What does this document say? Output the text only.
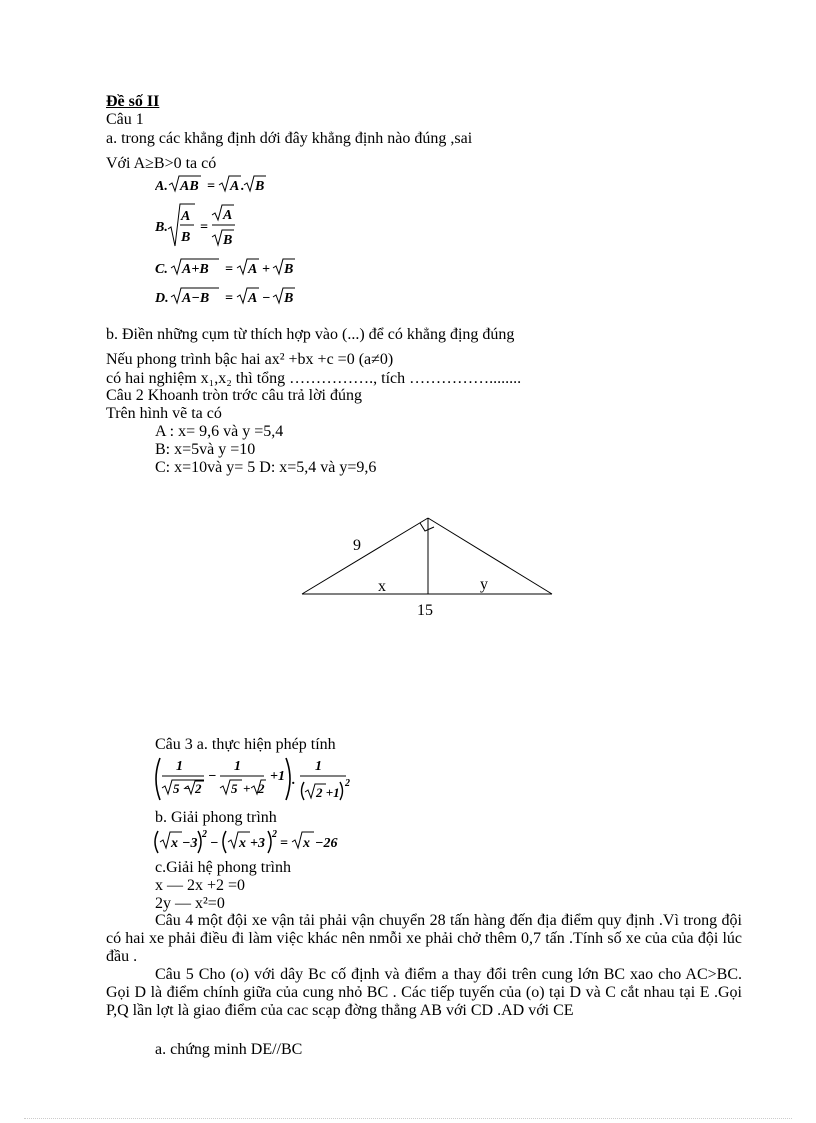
Đề số II
Câu 1
a. trong các khẳng định dới đây khẳng định nào đúng ,sai
Với A≥B>0 ta có
A. AB = A . B
B.
A
B
=
A
B
C. A+B = A + B
D. A−B = A − B
b. Điền những cụm từ thích hợp vào (...) để có khẳng địng đúng
Nếu phong trình bậc hai ax² +bx +c =0 (a≠0)
có hai nghiệm x₁,x₂ thì tổng ……………., tích ……………........
Câu 2 Khoanh tròn trớc câu trả lời đúng
Trên hình vẽ ta có
A : x= 9,6 và y =5,4
B: x=5và y =10
C: x=10và y= 5 D: x=5,4 và y=9,6
9
x	y
15
Câu 3 a. thực hiện phép tính
1
5 − 2
−
1
5 + 2
+1 .
1
2 +1
2
b. Giải phong trình
x −3
2
− x +3
2
= x −26
c.Giải hệ phong trình
x — 2x +2 =0
2y — x²=0
Câu 4 một đội xe vận tải phải vận chuyển 28 tấn hàng đến địa điểm quy định .Vì trong đội có hai xe phải điều đi làm việc khác nên nmỗi xe phải chở thêm 0,7 tấn .Tính số xe của của đội lúc đầu .
Câu 5 Cho (o) với dây Bc cố định và điểm a thay đổi trên cung lớn BC xao cho AC>BC. Gọi D là điểm chính giữa của cung nhỏ BC . Các tiếp tuyến của (o) tại D và C cắt nhau tại E .Gọi P,Q lần lợt là giao điểm của cac scạp đờng thẳng AB với CD .AD với CE
a. chứng minh DE//BC
